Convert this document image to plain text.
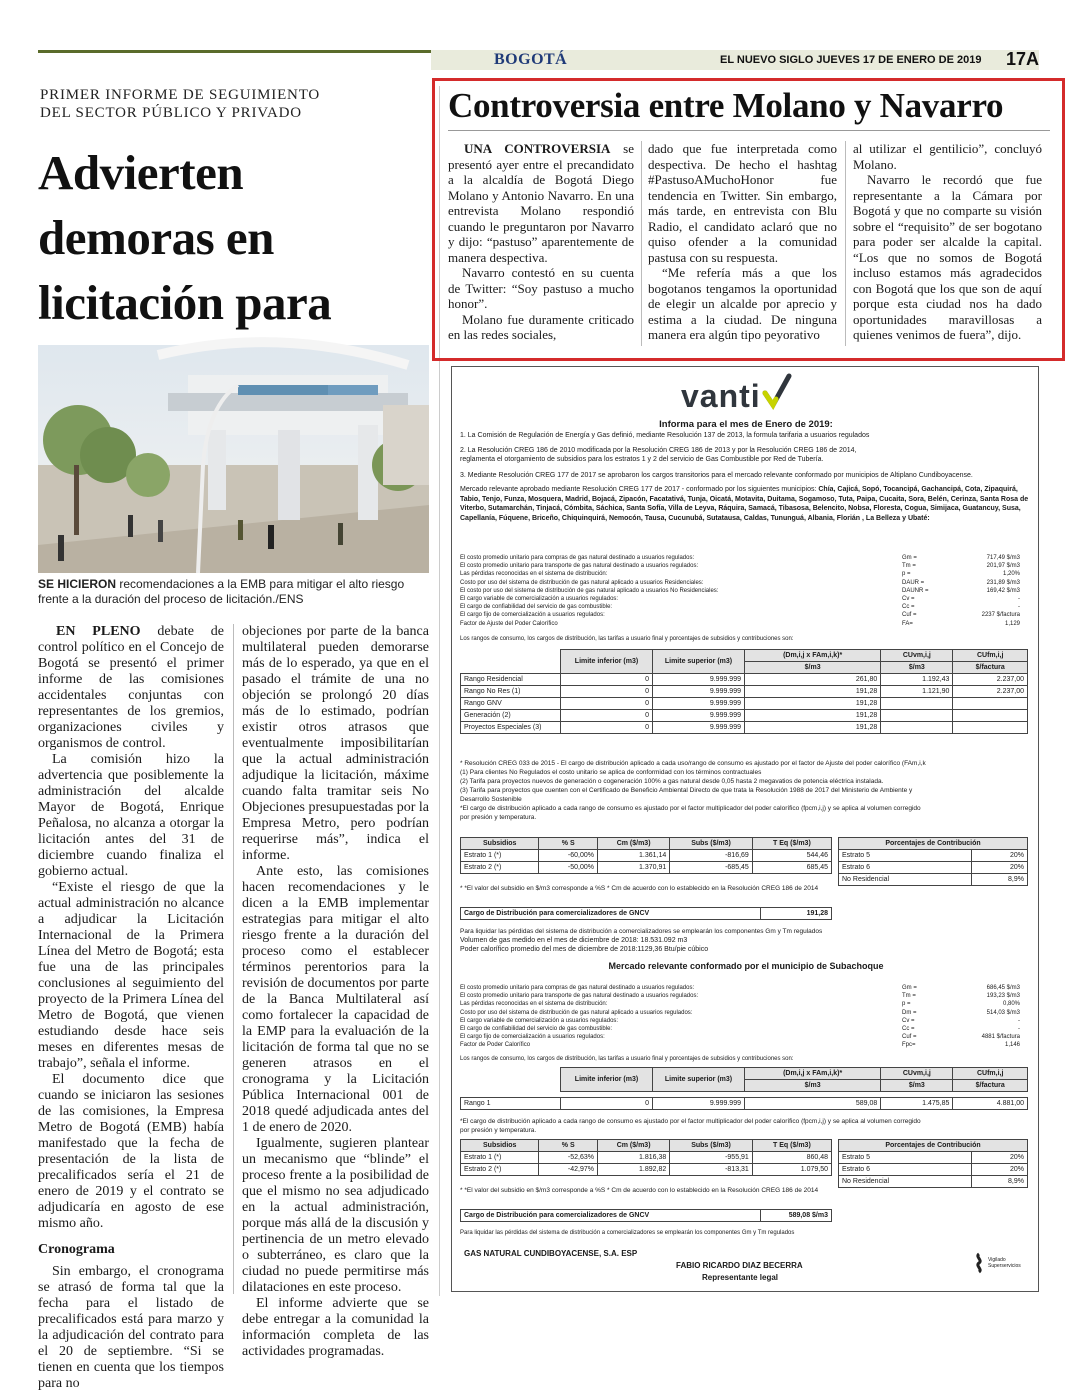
BOGOTÁ	EL NUEVO SIGLO JUEVES 17 DE ENERO DE 2019 17A
PRIMER INFORME DE SEGUIMIENTO
DEL SECTOR PÚBLICO Y PRIVADO
Advierten demoras en licitación para
SE HICIERON recomendaciones a la EMB para mitigar el alto riesgo frente a la duración del proceso de licitación./ENS

EN PLENO debate de control político en el Concejo de Bogotá se presentó el primer informe de las comisiones accidentales conjuntas con representantes de los gremios, organizaciones civiles y organismos de control.

La comisión hizo la advertencia que posiblemente la administración del alcalde Mayor de Bogotá, Enrique Peñalosa, no alcanza a otorgar la licitación antes del 31 de diciembre cuando finaliza el gobierno actual.

“Existe el riesgo de que la actual administración no alcance a adjudicar la Licitación Internacional de la Primera Línea del Metro de Bogotá; esta fue una de las principales conclusiones al seguimiento del proyecto de la Primera Línea del Metro de Bogotá, que vienen estudiando desde hace seis meses en diferentes mesas de trabajo”, señala el informe.

El documento dice que cuando se iniciaron las sesiones de las comisiones, la Empresa Metro de Bogotá (EMB) había manifestado que la fecha de presentación de la lista de precalificados sería el 21 de enero de 2019 y el contrato se adjudicaría en agosto de ese mismo año.

Cronograma

Sin embargo, el cronograma se atrasó de forma tal que la fecha para el listado de precalificados está para marzo y la adjudicación del contrato para el 20 de septiembre. “Si se tienen en cuenta que los tiempos para no

objeciones por parte de la banca multilateral pueden demorarse más de lo esperado, ya que en el pasado el trámite de una no objeción se prolongó 20 días más de lo estimado, podrían existir otros atrasos que eventualmente imposibilitarían que la actual administración adjudique la licitación, máxime cuando falta tramitar seis No Objeciones presupuestadas por la Empresa Metro, pero podrían requerirse más”, indica el informe.

Ante esto, las comisiones hacen recomendaciones y le dicen a la EMB implementar estrategias para mitigar el alto riesgo frente a la duración del proceso como el establecer términos perentorios para la revisión de documentos por parte de la Banca Multilateral así como fortalecer la capacidad de la EMP para la evaluación de la licitación de forma tal que no se generen atrasos en el cronograma y la Licitación Pública Internacional 001 de 2018 quedé adjudicada antes del 1 de enero de 2020.

Igualmente, sugieren plantear un mecanismo que “blinde” el proceso frente a la posibilidad de que el mismo no sea adjudicado en la actual administración, porque más allá de la discusión y pertinencia de un metro elevado o subterráneo, es claro que la ciudad no puede permitirse más dilataciones en este proceso.

El informe advierte que se debe entregar a la comunidad la información completa de las actividades programadas.

Controversia entre Molano y Navarro

UNA CONTROVERSIA se presentó ayer entre el precandidato a la alcaldía de Bogotá Diego Molano y Antonio Navarro. En una entrevista Molano respondió cuando le preguntaron por Navarro y dijo: “pastuso” aparentemente de manera despectiva.

Navarro contestó en su cuenta de Twitter: “Soy pastuso a mucho honor”.

Molano fue duramente criticado en las redes sociales,

dado que fue interpretada como despectiva. De hecho el hashtag #PastusoAMuchoHonor fue tendencia en Twitter. Sin embargo, más tarde, en entrevista con Blu Radio, el candidato aclaró que no quiso ofender a la comunidad pastusa con su respuesta.

“Me refería más a que los bogotanos tengamos la oportunidad de elegir un alcalde por aprecio y estima a la ciudad. De ninguna manera era algún tipo peyorativo

al utilizar el gentilicio”, concluyó Molano.

Navarro le recordó que fue representante a la Cámara por Bogotá y que no comparte su visión sobre el “requisito” de ser bogotano para poder ser alcalde la capital. “Los que no somos de Bogotá incluso estamos más agradecidos con Bogotá que los que son de aquí porque esta ciudad nos ha dado oportunidades maravillosas a quienes venimos de fuera”, dijo.

vanti
Informa para el mes de Enero de 2019:
1. La Comisión de Regulación de Energía y Gas definió, mediante Resolución 137 de 2013, la formula tarifaria a usuarios regulados
2. La Resolución CREG 186 de 2010 modificada por la Resolución CREG 186 de 2013 y por la Resolución CREG 186 de 2014,
reglamenta el otorgamiento de subsidios para los estratos 1 y 2 del servicio de Gas Combustible por Red de Tubería.
3. Mediante Resolución CREG 177 de 2017 se aprobaron los cargos transitorios para el mercado relevante conformado por municipios de Altiplano Cundiboyacense.
Mercado relevante aprobado mediante Resolución CREG 177 de 2017 - conformado por los siguientes municipios: Chía, Cajicá, Sopó, Tocancipá, Gachancipá, Cota, Zipaquirá, Tabio, Tenjo, Funza, Mosquera, Madrid, Bojacá, Zipacón, Facatativá, Tunja, Oicatá, Motavita, Duitama, Sogamoso, Tuta, Paipa, Cucaita, Sora, Belén, Cerinza, Santa Rosa de Viterbo, Sutamarchán, Tinjacá, Cómbita, Sáchica, Santa Sofía, Villa de Leyva, Ráquira, Samacá, Tibasosa, Belencito, Nobsa, Floresta, Cogua, Simijaca, Guatancuy, Susa, Capellanía, Fúquene, Briceño, Chiquinquirá, Nemocón, Tausa, Cucunubá, Sutatausa, Caldas, Tununguá, Albania, Florián , La Belleza y Ubaté:
El costo promedio unitario para compras de gas natural destinado a usuarios regulados:	Gm =	717,49 $/m3
El costo promedio unitario para transporte de gas natural destinado a usuarios regulados:	Tm =	201,97 $/m3
Las pérdidas reconocidas en el sistema de distribución:	p =	1,20%
Costo por uso del sistema de distribución de gas natural aplicado a usuarios Residenciales:	DAUR =	231,89 $/m3
El costo por uso del sistema de distribución de gas natural aplicado a usuarios No Residenciales:	DAUNR =	169,42 $/m3
El cargo variable de comercialización a usuarios regulados:	Cv =	-
El cargo de confiabilidad del servicio de gas combustible:	Cc =	-
El cargo fijo de comercialización a usuarios regulados:	Cuf =	2237 $/factura
Factor de Ajuste del Poder Calorífico	FA=	1,129
Los rangos de consumo, los cargos de distribución, las tarifas a usuario final y porcentajes de subsidios y contribuciones son:
	Limite inferior (m3)	Limite superior (m3)	(Dm,i,j x FAm,i,k)*	CUvm,i,j	CUfm,i,j
			$/m3	$/m3	$/factura
Rango Residencial	0	9.999.999	261,80	1.192,43	2.237,00
Rango No Res (1)	0	9.999.999	191,28	1.121,90	2.237,00
Rango GNV	0	9.999.999	191,28		
Generación (2)	0	9.999.999	191,28		
Proyectos Especiales (3)	0	9.999.999	191,28		
* Resolución CREG 033 de 2015 - El cargo de distribución aplicado a cada uso/rango de consumo es ajustado por el factor de Ajuste del poder calorífico (FAm,i,k
(1) Para clientes No Regulados el costo unitario se aplica de conformidad con los términos contractuales
(2) Tarifa para proyectos nuevos de generación o cogeneración 100% a gas natural desde 0,05 hasta 2 megavatios de potencia eléctrica instalada.
(3) Tarifa para proyectos que cuenten con el Certificado de Beneficio Ambiental Directo de que trata la Resolución 1988 de 2017 del Ministerio de Ambiente y
Desarrollo Sostenible
*El cargo de distribución aplicado a cada rango de consumo es ajustado por el factor multiplicador del poder calorífico (fpcm,i,j) y se aplica al volumen corregido
por presión y temperatura.
Subsidios	% S	Cm ($/m3)	Subs ($/m3)	T Eq ($/m3)
Estrato 1 (*)	-60,00%	1.361,14	-816,69	544,46
Estrato 2 (*)	-50,00%	1.370,91	-685,45	685,45
Porcentajes de Contribución	
Estrato 5	20%
Estrato 6	20%
No Residencial	8,9%
* *El valor del subsidio en $/m3 corresponde a %S * Cm de acuerdo con lo establecido en la Resolución CREG 186 de 2014
Cargo de Distribución para comercializadores de GNCV	191,28
Para liquidar las pérdidas del sistema de distribución a comercializadores se emplearán los componentes Gm y Tm regulados
Volumen de gas medido en el mes de diciembre de 2018: 18.531.092 m3
Poder calorífico promedio del mes de diciembre de 2018:1129,36 Btu/pie cúbico
Mercado relevante conformado por el municipio de Subachoque
El costo promedio unitario para compras de gas natural destinado a usuarios regulados:	Gm =	686,45 $/m3
El costo promedio unitario para transporte de gas natural destinado a usuarios regulados:	Tm =	193,23 $/m3
Las pérdidas reconocidas en el sistema de distribución:	p =	0,80%
Costo por uso del sistema de distribución de gas natural aplicado a usuarios regulados:	Dm =	514,03 $/m3
El cargo variable de comercialización a usuarios regulados:	Cv =	-
El cargo de confiabilidad del servicio de gas combustible:	Cc =	-
El cargo fijo de comercialización a usuarios regulados:	Cuf =	4881 $/factura
Factor de Poder Calorífico	Fpc=	1,146
Los rangos de consumo, los cargos de distribución, las tarifas a usuario final y porcentajes de subsidios y contribuciones son:
	Limite inferior (m3)	Limite superior (m3)	(Dm,i,j x FAm,i,k)*	CUvm,i,j	CUfm,i,j
			$/m3	$/m3	$/factura

Rango 1	0	9.999.999	589,08	1.475,85	4.881,00
*El cargo de distribución aplicado a cada rango de consumo es ajustado por el factor multiplicador del poder calorífico (fpcm,i,j) y se aplica al volumen corregido
por presión y temperatura.
Subsidios	% S	Cm ($/m3)	Subs ($/m3)	T Eq ($/m3)
Estrato 1 (*)	-52,63%	1.816,38	-955,91	860,48
Estrato 2 (*)	-42,97%	1.892,82	-813,31	1.079,50
Porcentajes de Contribución	
Estrato 5	20%
Estrato 6	20%
No Residencial	8,9%
* *El valor del subsidio en $/m3 corresponde a %S * Cm de acuerdo con lo establecido en la Resolución CREG 186 de 2014
Cargo de Distribución para comercializadores de GNCV	589,08 $/m3
Para liquidar las pérdidas del sistema de distribución a comercializadores se emplearán los componentes Gm y Tm regulados
GAS NATURAL CUNDIBOYACENSE, S.A. ESP
FABIO RICARDO DIAZ BECERRA
Representante legal
Vigilado Superservicios
